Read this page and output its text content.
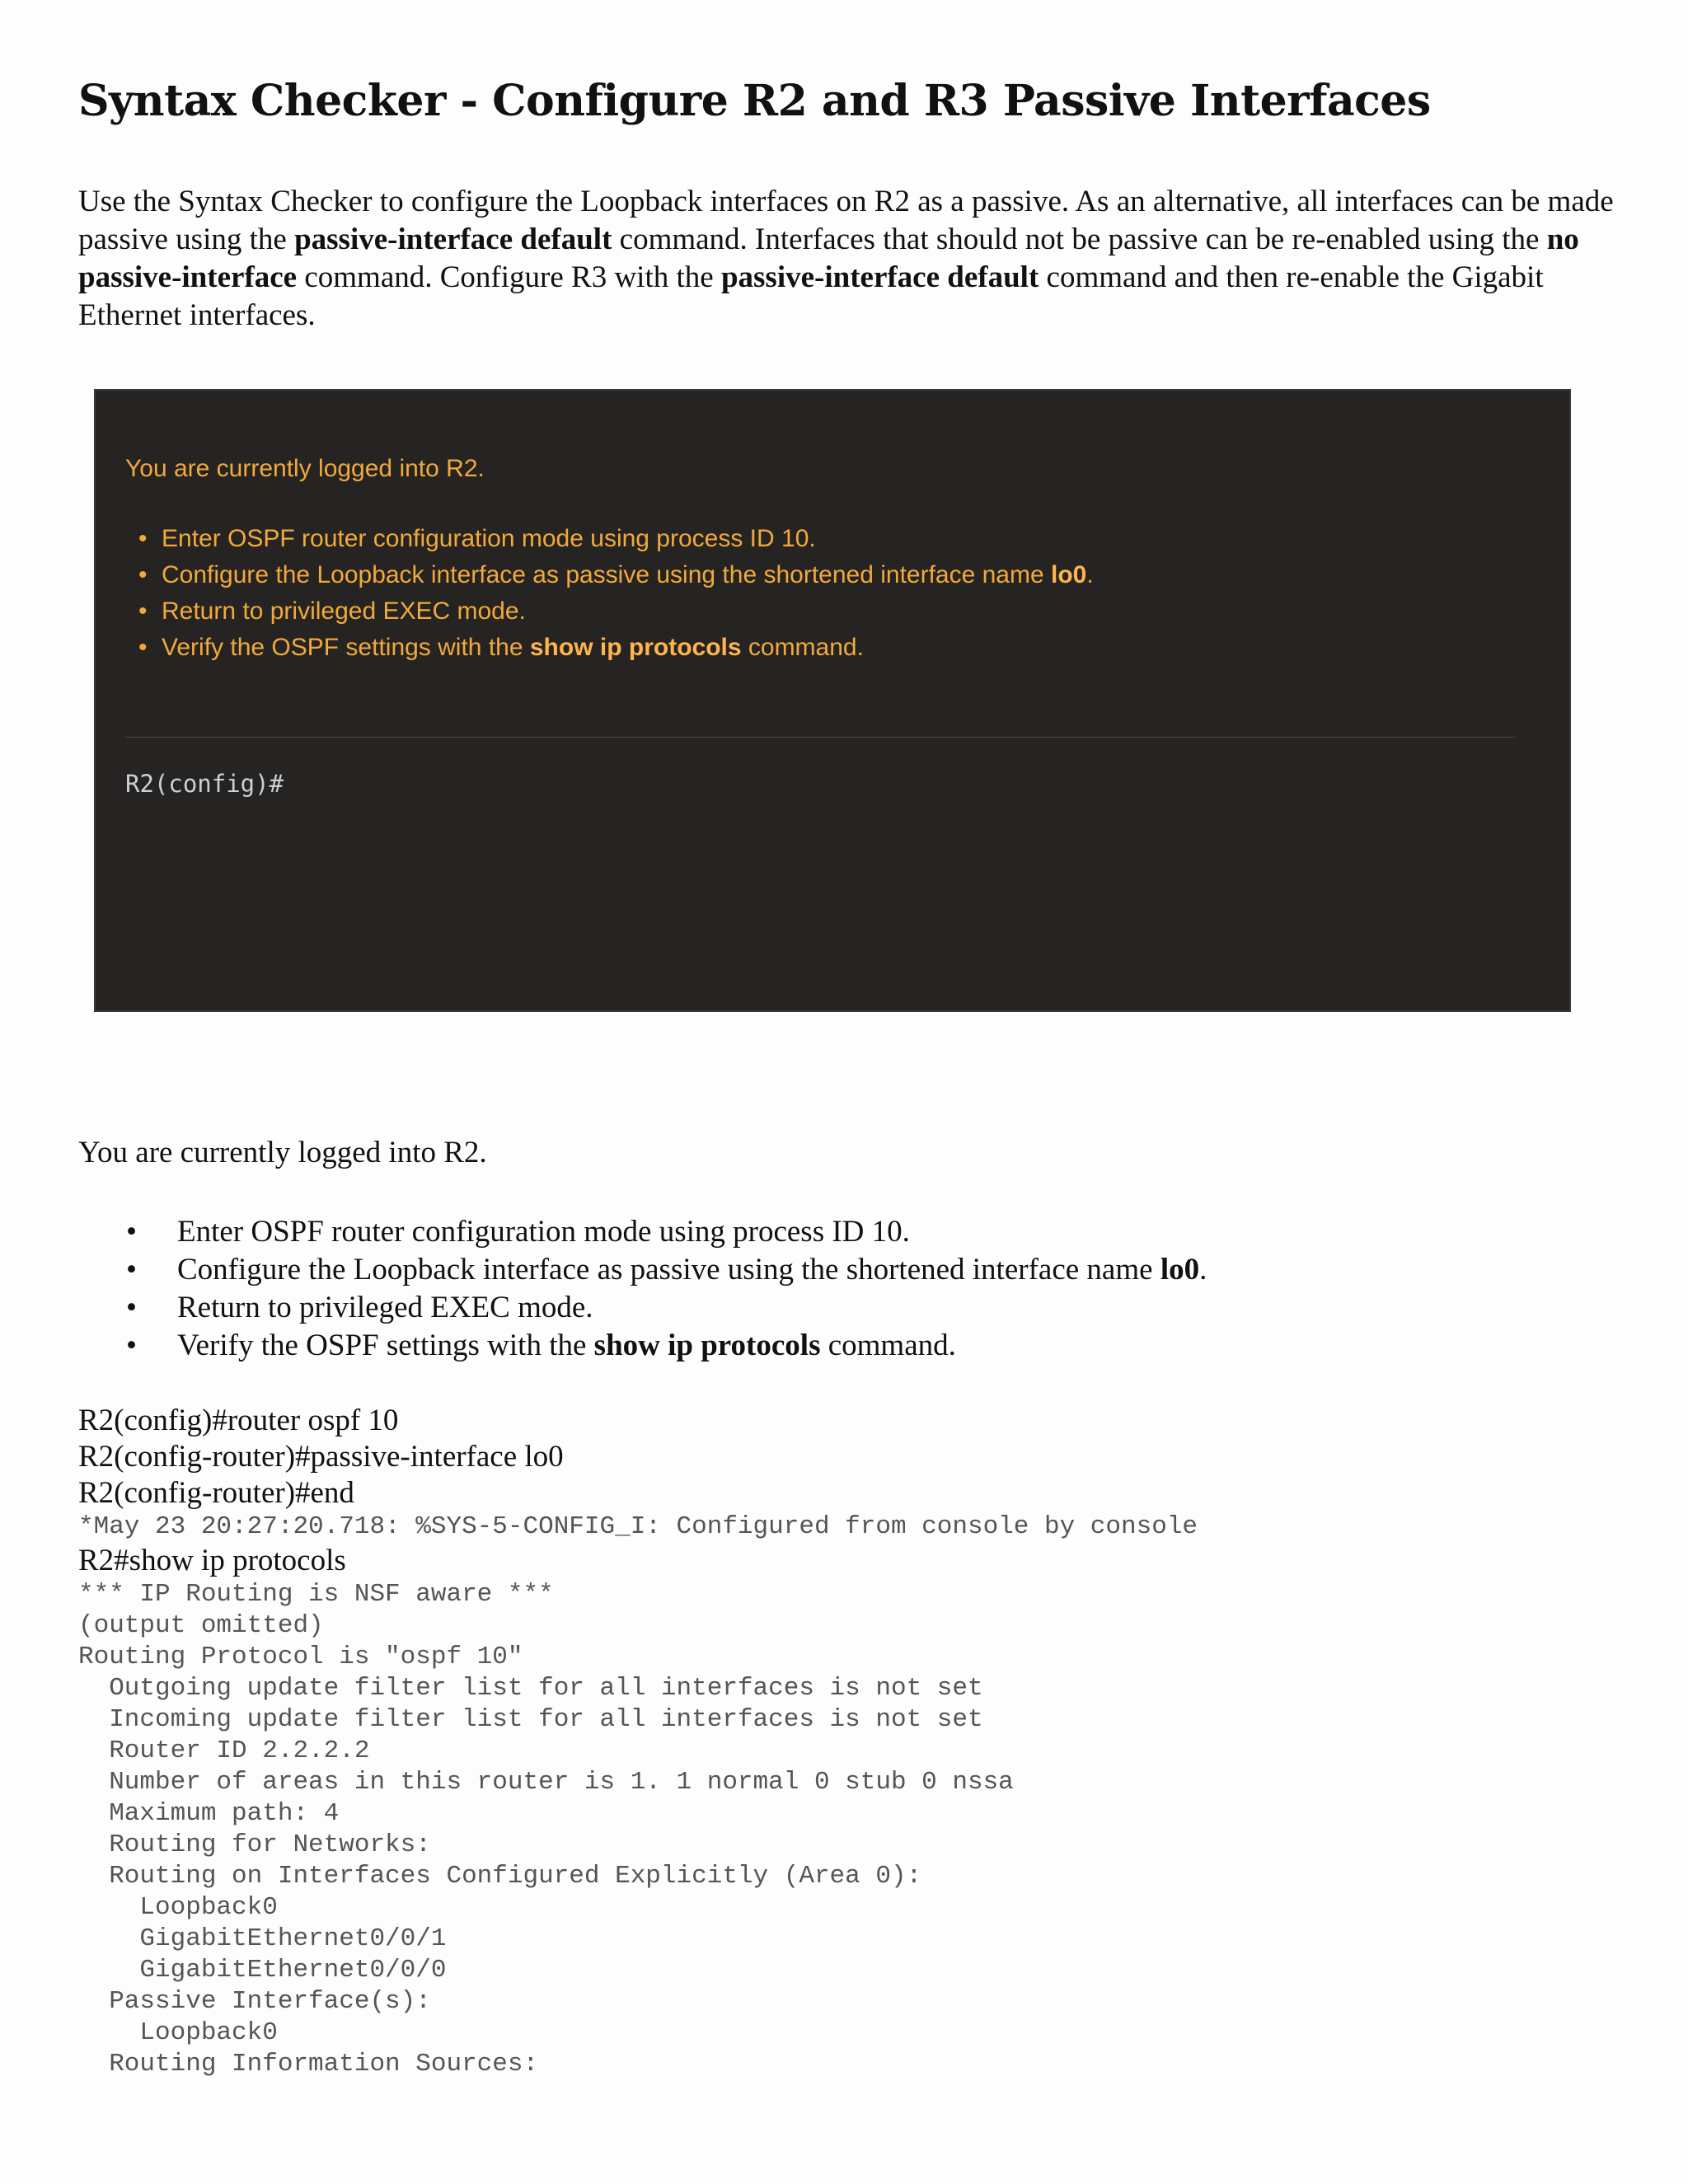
Syntax Checker - Configure R2 and R3 Passive Interfaces

Use the Syntax Checker to configure the Loopback interfaces on R2 as a passive. As an alternative, all interfaces can be made passive using the passive-interface default command. Interfaces that should not be passive can be re-enabled using the no passive-interface command. Configure R3 with the passive-interface default command and then re-enable the Gigabit Ethernet interfaces.

You are currently logged into R2.
• Enter OSPF router configuration mode using process ID 10.
• Configure the Loopback interface as passive using the shortened interface name lo0.
• Return to privileged EXEC mode.
• Verify the OSPF settings with the show ip protocols command.
R2(config)#

You are currently logged into R2.

• Enter OSPF router configuration mode using process ID 10.
• Configure the Loopback interface as passive using the shortened interface name lo0.
• Return to privileged EXEC mode.
• Verify the OSPF settings with the show ip protocols command.
R2(config)#router ospf 10
R2(config-router)#passive-interface lo0
R2(config-router)#end
*May 23 20:27:20.718: %SYS-5-CONFIG_I: Configured from console by console
R2#show ip protocols
*** IP Routing is NSF aware ***
(output omitted)
Routing Protocol is "ospf 10"
Outgoing update filter list for all interfaces is not set
Incoming update filter list for all interfaces is not set
Router ID 2.2.2.2
Number of areas in this router is 1. 1 normal 0 stub 0 nssa
Maximum path: 4
Routing for Networks:
Routing on Interfaces Configured Explicitly (Area 0):
Loopback0
GigabitEthernet0/0/1
GigabitEthernet0/0/0
Passive Interface(s):
Loopback0
Routing Information Sources:
